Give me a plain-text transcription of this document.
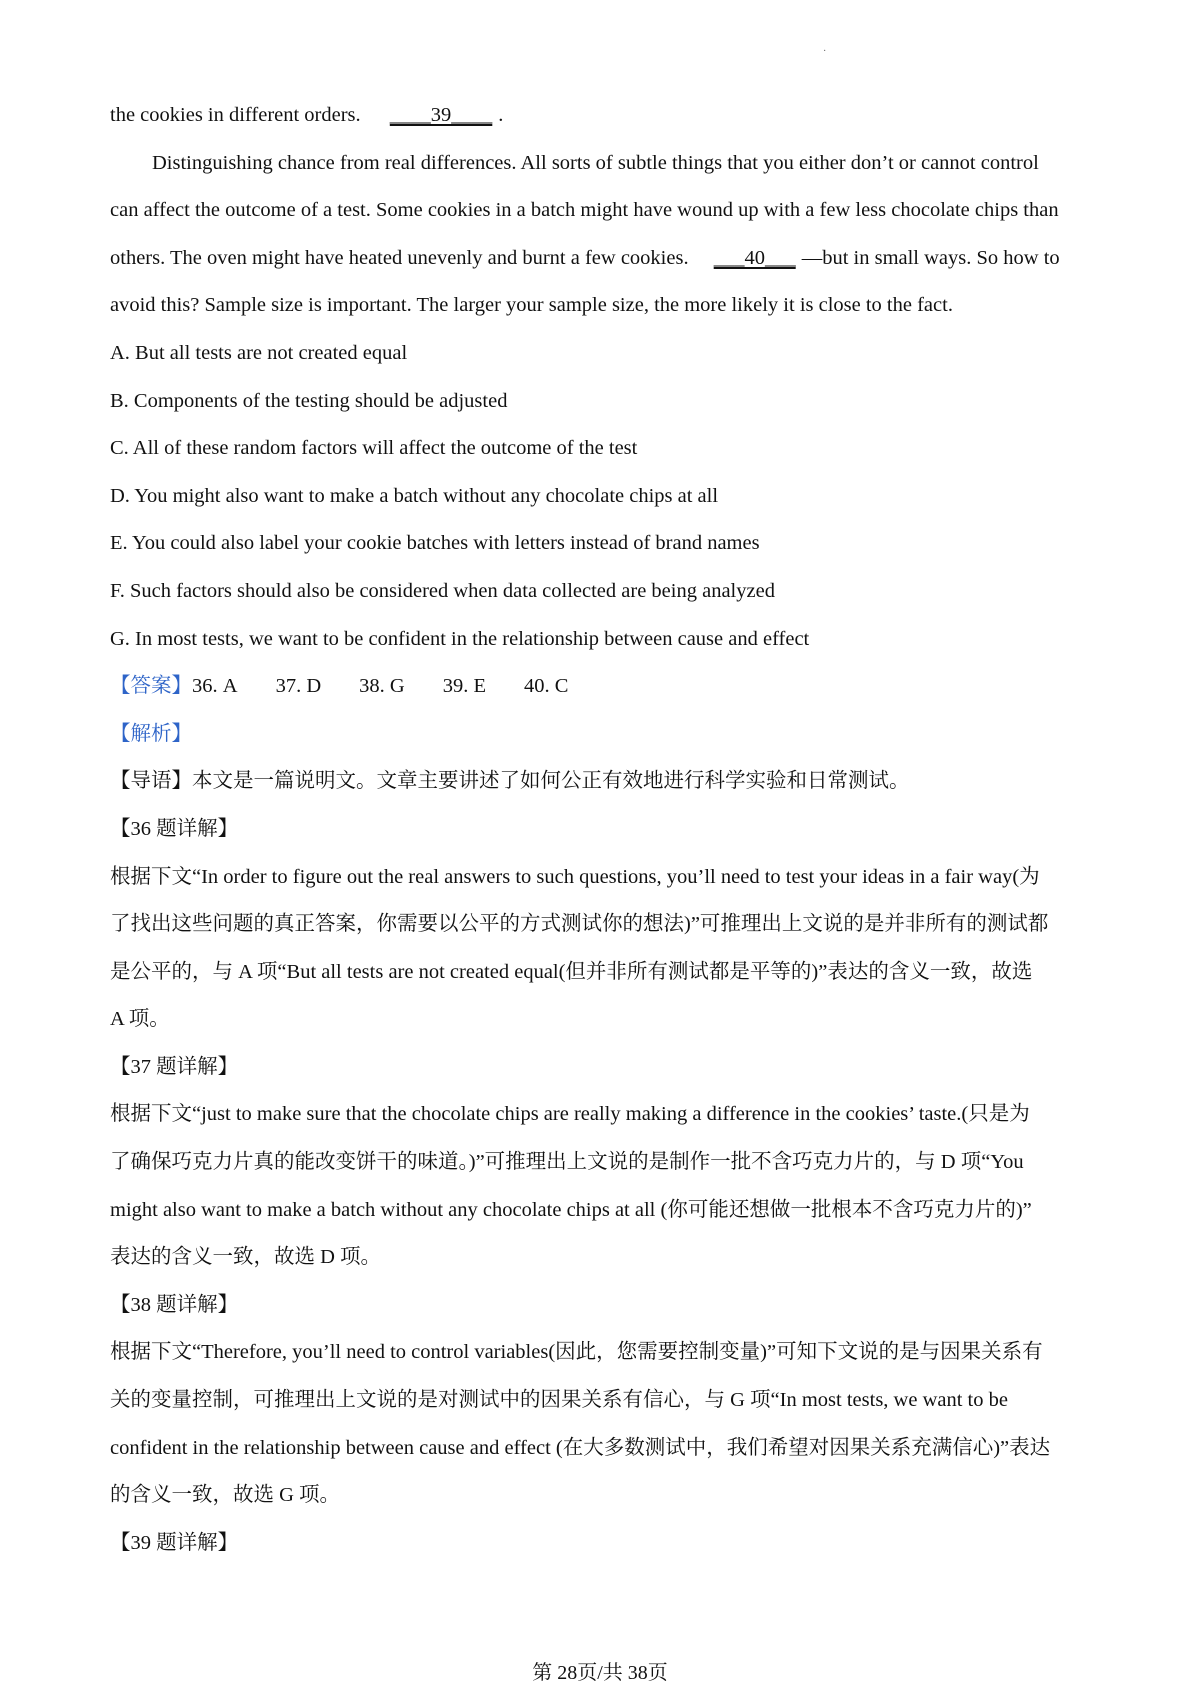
·
the cookies in different orders. ____39____ .
Distinguishing chance from real differences. All sorts of subtle things that you either don’t or cannot control
can affect the outcome of a test. Some cookies in a batch might have wound up with a few less chocolate chips than
others. The oven might have heated unevenly and burnt a few cookies. ___40___ —but in small ways. So how to
avoid this? Sample size is important. The larger your sample size, the more likely it is close to the fact.
A. But all tests are not created equal
B. Components of the testing should be adjusted
C. All of these random factors will affect the outcome of the test
D. You might also want to make a batch without any chocolate chips at all
E. You could also label your cookie batches with letters instead of brand names
F. Such factors should also be considered when data collected are being analyzed
G. In most tests, we want to be confident in the relationship between cause and effect
【答案】36. A 37. D 38. G 39. E 40. C
【解析】
【导语】本文是一篇说明文。文章主要讲述了如何公正有效地进行科学实验和日常测试。
【36 题详解】
根据下文“In order to figure out the real answers to such questions, you’ll need to test your ideas in a fair way(为
了找出这些问题的真正答案，你需要以公平的方式测试你的想法)”可推理出上文说的是并非所有的测试都
是公平的，与 A 项“But all tests are not created equal(但并非所有测试都是平等的)”表达的含义一致，故选
A 项。
【37 题详解】
根据下文“just to make sure that the chocolate chips are really making a difference in the cookies’ taste.(只是为
了确保巧克力片真的能改变饼干的味道。)”可推理出上文说的是制作一批不含巧克力片的，与 D 项“You
might also want to make a batch without any chocolate chips at all (你可能还想做一批根本不含巧克力片的)”
表达的含义一致，故选 D 项。
【38 题详解】
根据下文“Therefore, you’ll need to control variables(因此，您需要控制变量)”可知下文说的是与因果关系有
关的变量控制，可推理出上文说的是对测试中的因果关系有信心，与 G 项“In most tests, we want to be
confident in the relationship between cause and effect (在大多数测试中，我们希望对因果关系充满信心)”表达
的含义一致，故选 G 项。
【39 题详解】
第 28页/共 38页
